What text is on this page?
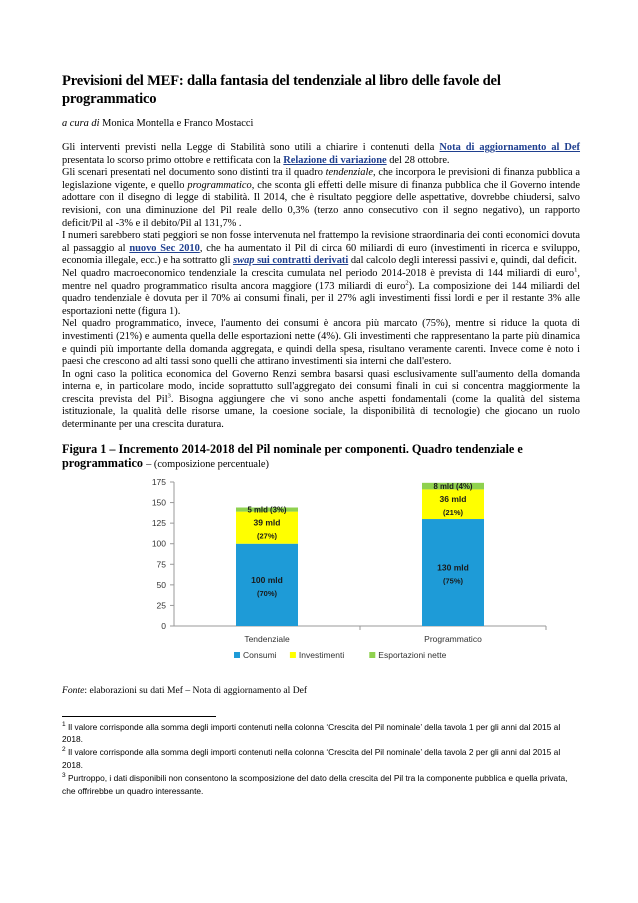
Previsioni del MEF: dalla fantasia del tendenziale al libro delle favole del programmatico
a cura di Monica Montella e Franco Mostacci

Gli interventi previsti nella Legge di Stabilità sono utili a chiarire i contenuti della Nota di aggiornamento al Def presentata lo scorso primo ottobre e rettificata con la Relazione di variazione del 28 ottobre.

Gli scenari presentati nel documento sono distinti tra il quadro tendenziale, che incorpora le previsioni di finanza pubblica a legislazione vigente, e quello programmatico, che sconta gli effetti delle misure di finanza pubblica che il Governo intende adottare con il disegno di legge di stabilità. Il 2014, che è risultato peggiore delle aspettative, dovrebbe chiudersi, salvo revisioni, con una diminuzione del Pil reale dello 0,3% (terzo anno consecutivo con il segno negativo), un rapporto deficit/Pil al -3% e il debito/Pil al 131,7% .

I numeri sarebbero stati peggiori se non fosse intervenuta nel frattempo la revisione straordinaria dei conti economici dovuta al passaggio al nuovo Sec 2010, che ha aumentato il Pil di circa 60 miliardi di euro (investimenti in ricerca e sviluppo, economia illegale, ecc.) e ha sottratto gli swap sui contratti derivati dal calcolo degli interessi passivi e, quindi, dal deficit.

Nel quadro macroeconomico tendenziale la crescita cumulata nel periodo 2014-2018 è prevista di 144 miliardi di euro$^1$, mentre nel quadro programmatico risulta ancora maggiore (173 miliardi di euro$^2$). La composizione dei 144 miliardi del quadro tendenziale è dovuta per il 70% ai consumi finali, per il 27% agli investimenti fissi lordi e per il restante 3% alle esportazioni nette (figura 1).

Nel quadro programmatico, invece, l'aumento dei consumi è ancora più marcato (75%), mentre si riduce la quota di investimenti (21%) e aumenta quella delle esportazioni nette (4%). Gli investimenti che rappresentano la parte più dinamica e quindi più importante della domanda aggregata, e quindi della spesa, risultano veramente carenti. Invece come è noto i paesi che crescono ad alti tassi sono quelli che attirano investimenti sia interni che dall'estero.

In ogni caso la politica economica del Governo Renzi sembra basarsi quasi esclusivamente sull'aumento della domanda interna e, in particolare modo, incide soprattutto sull'aggregato dei consumi finali in cui si concentra maggiormente la crescita prevista del Pil$^3$. Bisogna aggiungere che vi sono anche aspetti fondamentali (come la qualità del sistema istituzionale, la qualità delle risorse umane, la coesione sociale, la disponibilità di tecnologie) che giocano un ruolo determinante per una crescita duratura.

Figura 1 – Incremento 2014-2018 del Pil nominale per componenti. Quadro tendenziale e programmatico – (composizione percentuale)
0
25
50
75
100
125
150
175
100 mld
(70%)
39 mld
(27%)
5 mld (3%)
Tendenziale
130 mld
(75%)
36 mld
(21%)
8 mld (4%)
Programmatico
Consumi	Investimenti	Esportazioni nette
Fonte: elaborazioni su dati Mef – Nota di aggiornamento al Def

$^1$ Il valore corrisponde alla somma degli importi contenuti nella colonna ‘Crescita del Pil nominale’ della tavola 1 per gli anni dal 2015 al 2018.

$^2$ Il valore corrisponde alla somma degli importi contenuti nella colonna ‘Crescita del Pil nominale’ della tavola 2 per gli anni dal 2015 al 2018.

$^3$ Purtroppo, i dati disponibili non consentono la scomposizione del dato della crescita del Pil tra la componente pubblica e quella privata, che offrirebbe un quadro interessante.
